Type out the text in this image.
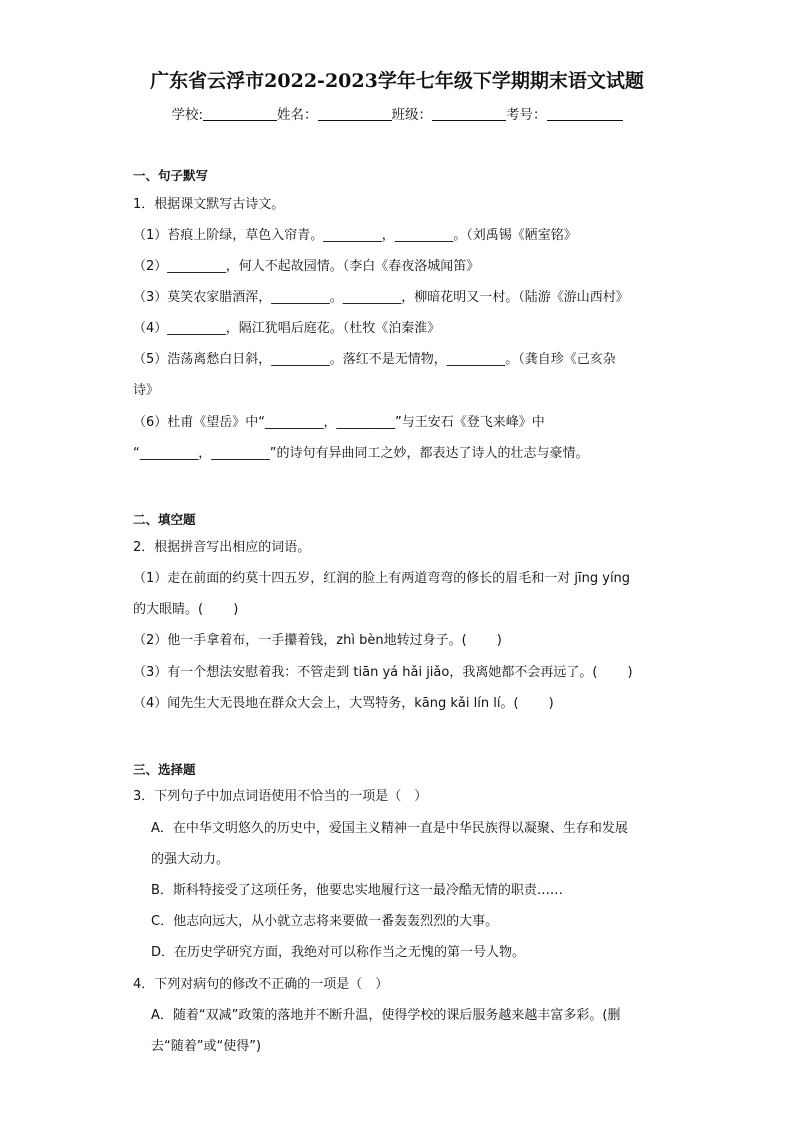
广东省云浮市2022-2023学年七年级下学期期末语文试题
学校:	姓名：	班级：	考号：
一、句子默写
1．根据课文默写古诗文。
（1）苔痕上阶绿，草色入帘青。_________，_________。（刘禹锡《陋室铭》
（2）_________，何人不起故园情。（李白《春夜洛城闻笛》
（3）莫笑农家腊酒浑，_________。_________，柳暗花明又一村。（陆游《游山西村》
（4）_________，隔江犹唱后庭花。（杜牧《泊秦淮》
（5）浩荡离愁白日斜，_________。落红不是无情物，_________。（龚自珍《己亥杂
诗》
（6）杜甫《望岳》中“_________，_________”与王安石《登飞来峰》中
“_________，_________”的诗句有异曲同工之妙，都表达了诗人的壮志与豪情。
二、填空题
2．根据拼音写出相应的词语。
（1）走在前面的约莫十四五岁，红润的脸上有两道弯弯的修长的眉毛和一对 jīng yíng
的大眼睛。(　　 )
（2）他一手拿着布，一手攥着钱，zhì bèn地转过身子。(　　 )
（3）有一个想法安慰着我：不管走到 tiān yá hǎi jiǎo，我离她都不会再远了。(　　 )
（4）闻先生大无畏地在群众大会上，大骂特务，kāng kǎi lín lí。(　　 )
三、选择题
3．下列句子中加点词语使用不恰当的一项是（　）
A．在中华文明悠久的历史中，爱国主义精神一直是中华民族得以凝聚、生存和发展
的强大动力。
B．斯科特接受了这项任务，他要忠实地履行这一最冷酷无情的职责……
C．他志向远大，从小就立志将来要做一番轰轰烈烈的大事。
D．在历史学研究方面，我绝对可以称作当之无愧的第一号人物。
4．下列对病句的修改不正确的一项是（　）
A．随着“双减”政策的落地并不断升温，使得学校的课后服务越来越丰富多彩。(删
去“随着”或“使得”)
